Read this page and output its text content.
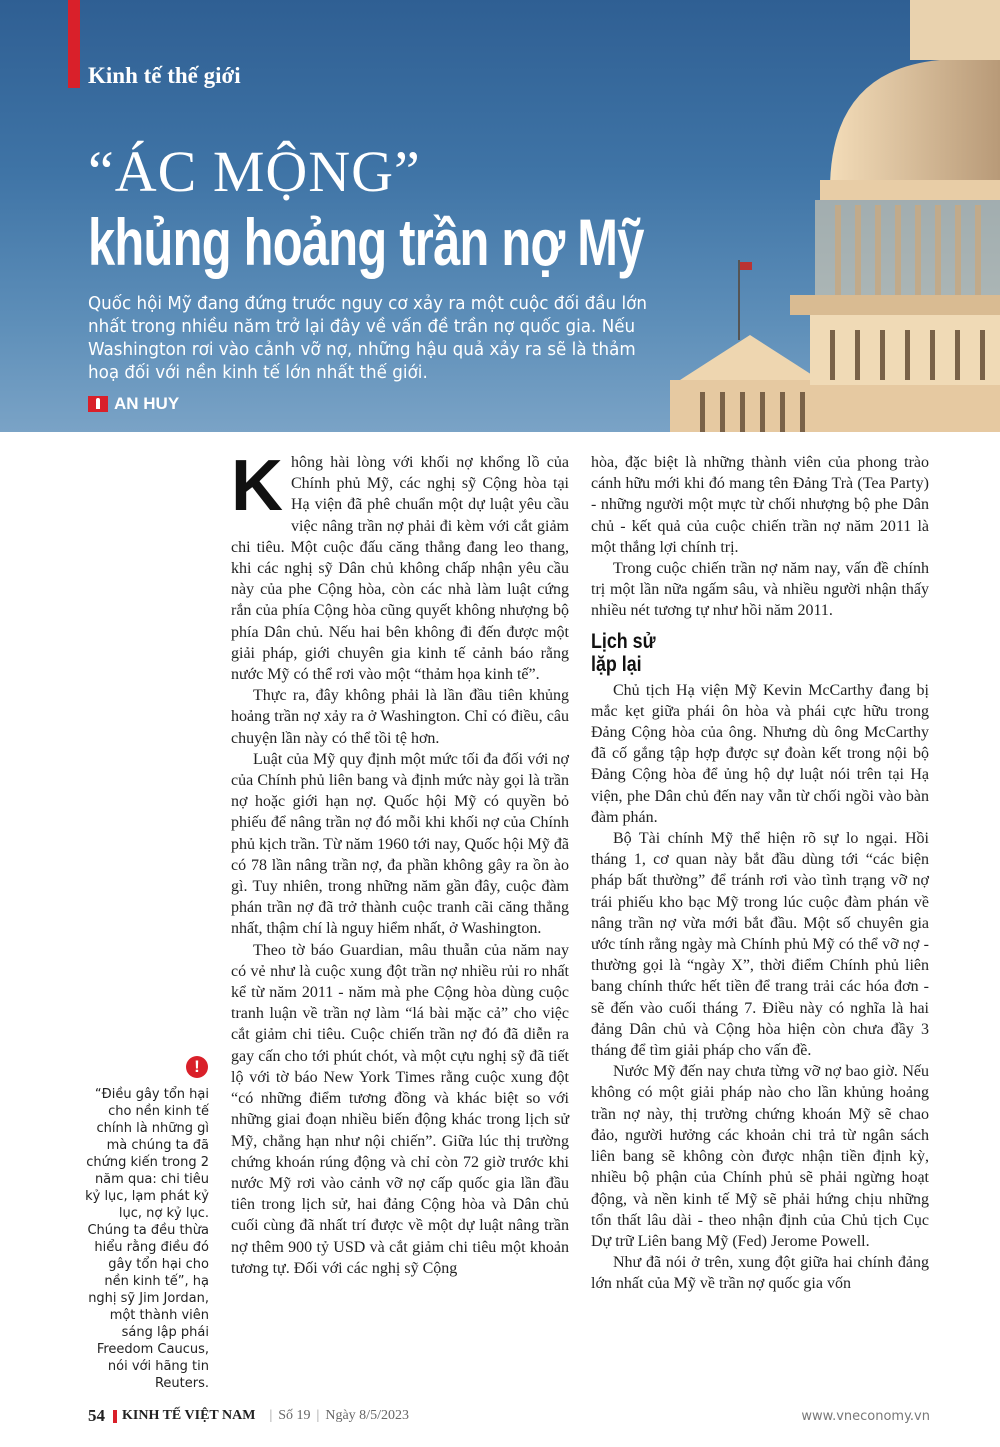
Kinh tế thế giới
“ÁC MỘNG”
khủng hoảng trần nợ Mỹ
Quốc hội Mỹ đang đứng trước nguy cơ xảy ra một cuộc đối đầu lớn nhất trong nhiều năm trở lại đây về vấn đề trần nợ quốc gia. Nếu Washington rơi vào cảnh vỡ nợ, những hậu quả xảy ra sẽ là thảm hoạ đối với nền kinh tế lớn nhất thế giới.
AN HUY

Không hài lòng với khối nợ khổng lồ của Chính phủ Mỹ, các nghị sỹ Cộng hòa tại Hạ viện đã phê chuẩn một dự luật yêu cầu việc nâng trần nợ phải đi kèm với cắt giảm chi tiêu. Một cuộc đấu căng thẳng đang leo thang, khi các nghị sỹ Dân chủ không chấp nhận yêu cầu này của phe Cộng hòa, còn các nhà làm luật cứng rắn của phía Cộng hòa cũng quyết không nhượng bộ phía Dân chủ. Nếu hai bên không đi đến được một giải pháp, giới chuyên gia kinh tế cảnh báo rằng nước Mỹ có thể rơi vào một “thảm họa kinh tế”.

Thực ra, đây không phải là lần đầu tiên khủng hoảng trần nợ xảy ra ở Washington. Chỉ có điều, câu chuyện lần này có thể tồi tệ hơn.

Luật của Mỹ quy định một mức tối đa đối với nợ của Chính phủ liên bang và định mức này gọi là trần nợ hoặc giới hạn nợ. Quốc hội Mỹ có quyền bỏ phiếu để nâng trần nợ đó mỗi khi khối nợ của Chính phủ kịch trần. Từ năm 1960 tới nay, Quốc hội Mỹ đã có 78 lần nâng trần nợ, đa phần không gây ra ồn ào gì. Tuy nhiên, trong những năm gần đây, cuộc đàm phán trần nợ đã trở thành cuộc tranh cãi căng thẳng nhất, thậm chí là nguy hiểm nhất, ở Washington.

Theo tờ báo Guardian, mâu thuẫn của năm nay có vẻ như là cuộc xung đột trần nợ nhiều rủi ro nhất kể từ năm 2011 - năm mà phe Cộng hòa dùng cuộc tranh luận về trần nợ làm “lá bài mặc cả” cho việc cắt giảm chi tiêu. Cuộc chiến trần nợ đó đã diễn ra gay cấn cho tới phút chót, và một cựu nghị sỹ đã tiết lộ với tờ báo New York Times rằng cuộc xung đột “có những điểm tương đồng và khác biệt so với những giai đoạn nhiều biến động khác trong lịch sử Mỹ, chẳng hạn như nội chiến”. Giữa lúc thị trường chứng khoán rúng động và chỉ còn 72 giờ trước khi nước Mỹ rơi vào cảnh vỡ nợ cấp quốc gia lần đầu tiên trong lịch sử, hai đảng Cộng hòa và Dân chủ cuối cùng đã nhất trí được về một dự luật nâng trần nợ thêm 900 tỷ USD và cắt giảm chi tiêu một khoản tương tự. Đối với các nghị sỹ Cộng

hòa, đặc biệt là những thành viên của phong trào cánh hữu mới khi đó mang tên Đảng Trà (Tea Party) - những người một mực từ chối nhượng bộ phe Dân chủ - kết quả của cuộc chiến trần nợ năm 2011 là một thắng lợi chính trị.

Trong cuộc chiến trần nợ năm nay, vấn đề chính trị một lần nữa ngấm sâu, và nhiều người nhận thấy nhiều nét tương tự như hồi năm 2011.

Lịch sử
lặp lại

Chủ tịch Hạ viện Mỹ Kevin McCarthy đang bị mắc kẹt giữa phái ôn hòa và phái cực hữu trong Đảng Cộng hòa của ông. Nhưng dù ông McCarthy đã cố gắng tập hợp được sự đoàn kết trong nội bộ Đảng Cộng hòa để ủng hộ dự luật nói trên tại Hạ viện, phe Dân chủ đến nay vẫn từ chối ngồi vào bàn đàm phán.

Bộ Tài chính Mỹ thể hiện rõ sự lo ngại. Hồi tháng 1, cơ quan này bắt đầu dùng tới “các biện pháp bất thường” để tránh rơi vào tình trạng vỡ nợ trái phiếu kho bạc Mỹ trong lúc cuộc đàm phán về nâng trần nợ vừa mới bắt đầu. Một số chuyên gia ước tính rằng ngày mà Chính phủ Mỹ có thể vỡ nợ - thường gọi là “ngày X”, thời điểm Chính phủ liên bang chính thức hết tiền để trang trải các hóa đơn - sẽ đến vào cuối tháng 7. Điều này có nghĩa là hai đảng Dân chủ và Cộng hòa hiện còn chưa đầy 3 tháng để tìm giải pháp cho vấn đề.

Nước Mỹ đến nay chưa từng vỡ nợ bao giờ. Nếu không có một giải pháp nào cho lần khủng hoảng trần nợ này, thị trường chứng khoán Mỹ sẽ chao đảo, người hưởng các khoản chi trả từ ngân sách liên bang sẽ không còn được nhận tiền định kỳ, nhiều bộ phận của Chính phủ sẽ phải ngừng hoạt động, và nền kinh tế Mỹ sẽ phải hứng chịu những tổn thất lâu dài - theo nhận định của Chủ tịch Cục Dự trữ Liên bang Mỹ (Fed) Jerome Powell.

Như đã nói ở trên, xung đột giữa hai chính đảng lớn nhất của Mỹ về trần nợ quốc gia vốn

!
“Điều gây tổn hại cho nền kinh tế chính là những gì mà chúng ta đã chứng kiến trong 2 năm qua: chi tiêu kỷ lục, lạm phát kỷ lục, nợ kỷ lục. Chúng ta đều thừa hiểu rằng điều đó gây tổn hại cho nền kinh tế”, hạ nghị sỹ Jim Jordan, một thành viên sáng lập phái Freedom Caucus, nói với hãng tin Reuters.
54 KINH TẾ VIỆT NAM | Số 19 | Ngày 8/5/2023	www.vneconomy.vn
